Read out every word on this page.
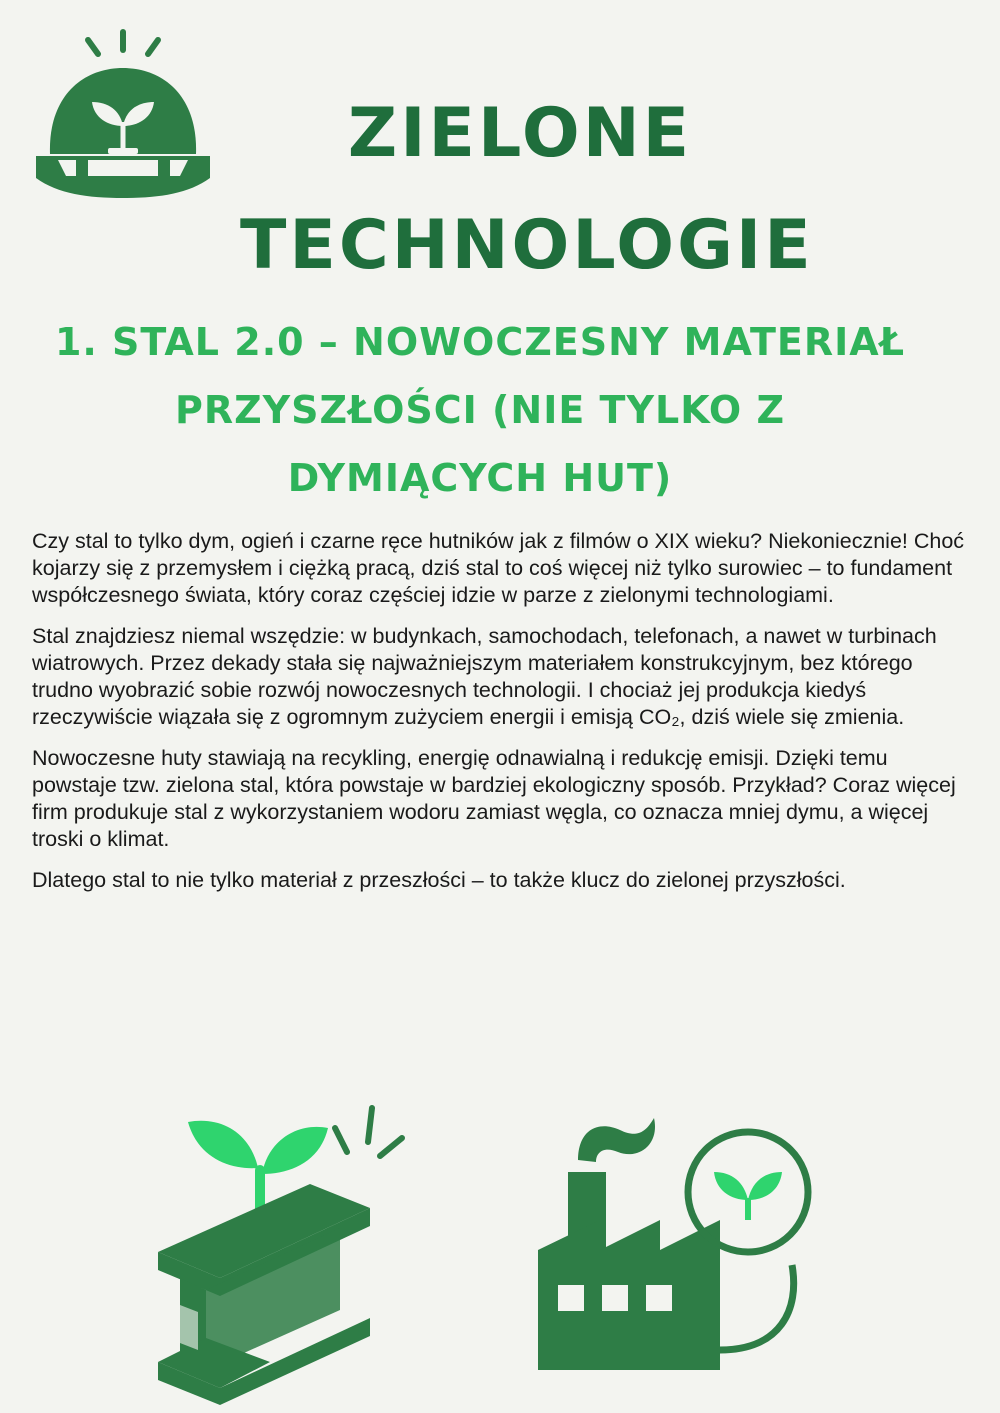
ZIELONE
TECHNOLOGIE
1. STAL 2.0 – NOWOCZESNY MATERIAŁ
PRZYSZŁOŚCI (NIE TYLKO Z
DYMIĄCYCH HUT)

Czy stal to tylko dym, ogień i czarne ręce hutników jak z filmów o XIX wieku? Niekoniecznie! Choć kojarzy się z przemysłem i ciężką pracą, dziś stal to coś więcej niż tylko surowiec – to fundament współczesnego świata, który coraz częściej idzie w parze z zielonymi technologiami.

Stal znajdziesz niemal wszędzie: w budynkach, samochodach, telefonach, a nawet w turbinach wiatrowych. Przez dekady stała się najważniejszym materiałem konstrukcyjnym, bez którego trudno wyobrazić sobie rozwój nowoczesnych technologii. I chociaż jej produkcja kiedyś rzeczywiście wiązała się z ogromnym zużyciem energii i emisją CO₂, dziś wiele się zmienia.

Nowoczesne huty stawiają na recykling, energię odnawialną i redukcję emisji. Dzięki temu powstaje tzw. zielona stal, która powstaje w bardziej ekologiczny sposób. Przykład? Coraz więcej firm produkuje stal z wykorzystaniem wodoru zamiast węgla, co oznacza mniej dymu, a więcej troski o klimat.

Dlatego stal to nie tylko materiał z przeszłości – to także klucz do zielonej przyszłości.
